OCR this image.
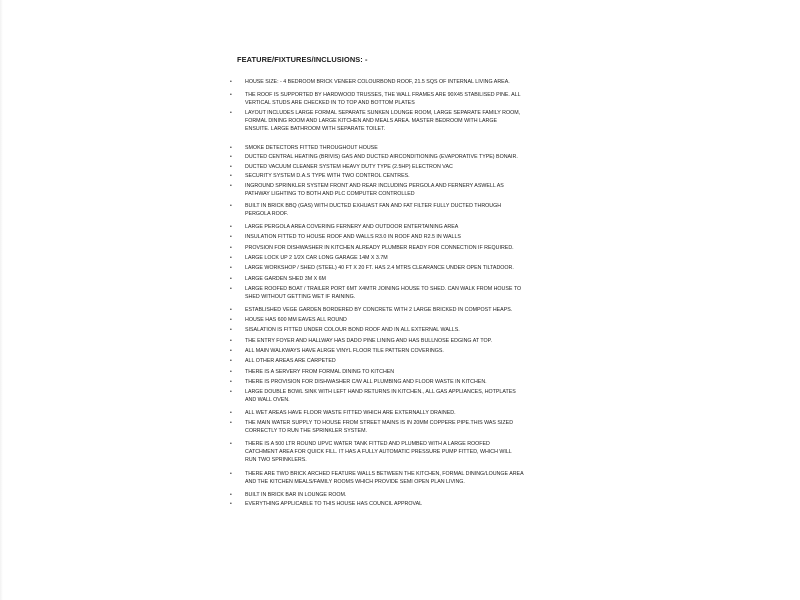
FEATURE/FIXTURES/INCLUSIONS: -
• HOUSE SIZE: - 4 BEDROOM BRICK VENEER COLOURBOND ROOF, 21.5 SQS OF INTERNAL LIVING AREA.
• THE ROOF IS SUPPORTED BY HARDWOOD TRUSSES, THE WALL FRAMES ARE 90X45 STABILISED PINE. ALL
VERTICAL STUDS ARE CHECKED IN TO TOP AND BOTTOM PLATES
• LAYOUT INCLUDES LARGE FORMAL SEPARATE SUNKEN LOUNGE ROOM, LARGE SEPARATE FAMILY ROOM,
FORMAL DINING ROOM AND LARGE KITCHEN AND MEALS AREA. MASTER BEDROOM WITH LARGE
ENSUITE. LARGE BATHROOM WITH SEPARATE TOILET.
• SMOKE DETECTORS FITTED THROUGHOUT HOUSE
• DUCTED CENTRAL HEATING (BRIVIS) GAS AND DUCTED AIRCONDITIONING (EVAPORATIVE TYPE) BONAIR.
• DUCTED VACUUM CLEANER SYSTEM HEAVY DUTY TYPE (2.5HP) ELECTRON VAC
• SECURITY SYSTEM D.A.S TYPE WITH TWO CONTROL CENTRES.
• INGROUND SPRINKLER SYSTEM FRONT AND REAR INCLUDING PERGOLA AND FERNERY ASWELL AS
PATHWAY LIGHTING TO BOTH AND PLC COMPUTER CONTROLLED
• BUILT IN BRICK BBQ (GAS) WITH DUCTED EXHUAST FAN AND FAT FILTER FULLY DUCTED THROUGH
PERGOLA ROOF.
• LARGE PERGOLA AREA COVERING FERNERY AND OUTDOOR ENTERTAINING AREA
• INSULATION FITTED TO HOUSE ROOF AND WALLS R3.0 IN ROOF AND R2.5 IN WALLS
• PROVSION FOR DISHWASHER IN KITCHEN ALREADY PLUMBER READY FOR CONNECTION IF REQUIRED.
• LARGE LOCK UP 2 1/2X CAR LONG GARAGE 14M X 3.7M
• LARGE WORKSHOP / SHED (STEEL) 40 FT X 20 FT. HAS 2.4 MTRS CLEARANCE UNDER OPEN TILTADOOR.
• LARGE GARDEN SHED 3M X 6M
• LARGE ROOFED BOAT / TRAILER PORT 6MT X4MTR JOINING HOUSE TO SHED. CAN WALK FROM HOUSE TO
SHED WITHOUT GETTING WET IF RAINING.
• ESTABLISHED VEGE GARDEN BORDERED BY CONCRETE WITH 2 LARGE BRICKED IN COMPOST HEAPS.
• HOUSE HAS 600 MM EAVES ALL ROUND
• SISALATION IS FITTED UNDER COLOUR BOND ROOF AND IN ALL EXTERNAL WALLS.
• THE ENTRY FOYER AND HALLWAY HAS DADO PINE LINING AND HAS BULLNOSE EDGING AT TOP.
• ALL MAIN WALKWAYS HAVE ALRGE VINYL FLOOR TILE PATTERN COVERINGS.
• ALL OTHER AREAS ARE CARPETED
• THERE IS A SERVERY FROM FORMAL DINING TO KITCHEN
• THERE IS PROVISION FOR DISHWASHER C/W ALL PLUMBING AND FLOOR WASTE IN KITCHEN.
• LARGE DOUBLE BOWL SINK WITH LEFT HAND RETURNS IN KITCHEN., ALL GAS APPLIANCES, HOTPLATES
AND WALL OVEN.
• ALL WET AREAS HAVE FLOOR WASTE FITTED WHICH ARE EXTERNALLY DRAINED.
• THE MAIN WATER SUPPLY TO HOUSE FROM STREET MAINS IS IN 20MM COPPERE PIPE.THIS WAS SIZED
CORRECTLY TO RUN THE SPRINKLER SYSTEM.
• THERE IS A 500 LTR ROUND UPVC WATER TANK FITTED AND PLUMBED WITH A LARGE ROOFED
CATCHMENT AREA FOR QUICK FILL. IT HAS A FULLY AUTOMATIC PRESSURE PUMP FITTED, WHICH WILL
RUN TWO SPRINKLERS.
• THERE ARE TWO BRICK ARCHED FEATURE WALLS BETWEEN THE KITCHEN, FORMAL DINING/LOUNGE AREA
AND THE KITCHEN MEALS/FAMILY ROOMS WHICH PROVIDE SEMI OPEN PLAN LIVING.
• BUILT IN BRICK BAR IN LOUNGE ROOM.
• EVERYTHING APPLICABLE TO THIS HOUSE HAS COUNCIL APPROVAL
